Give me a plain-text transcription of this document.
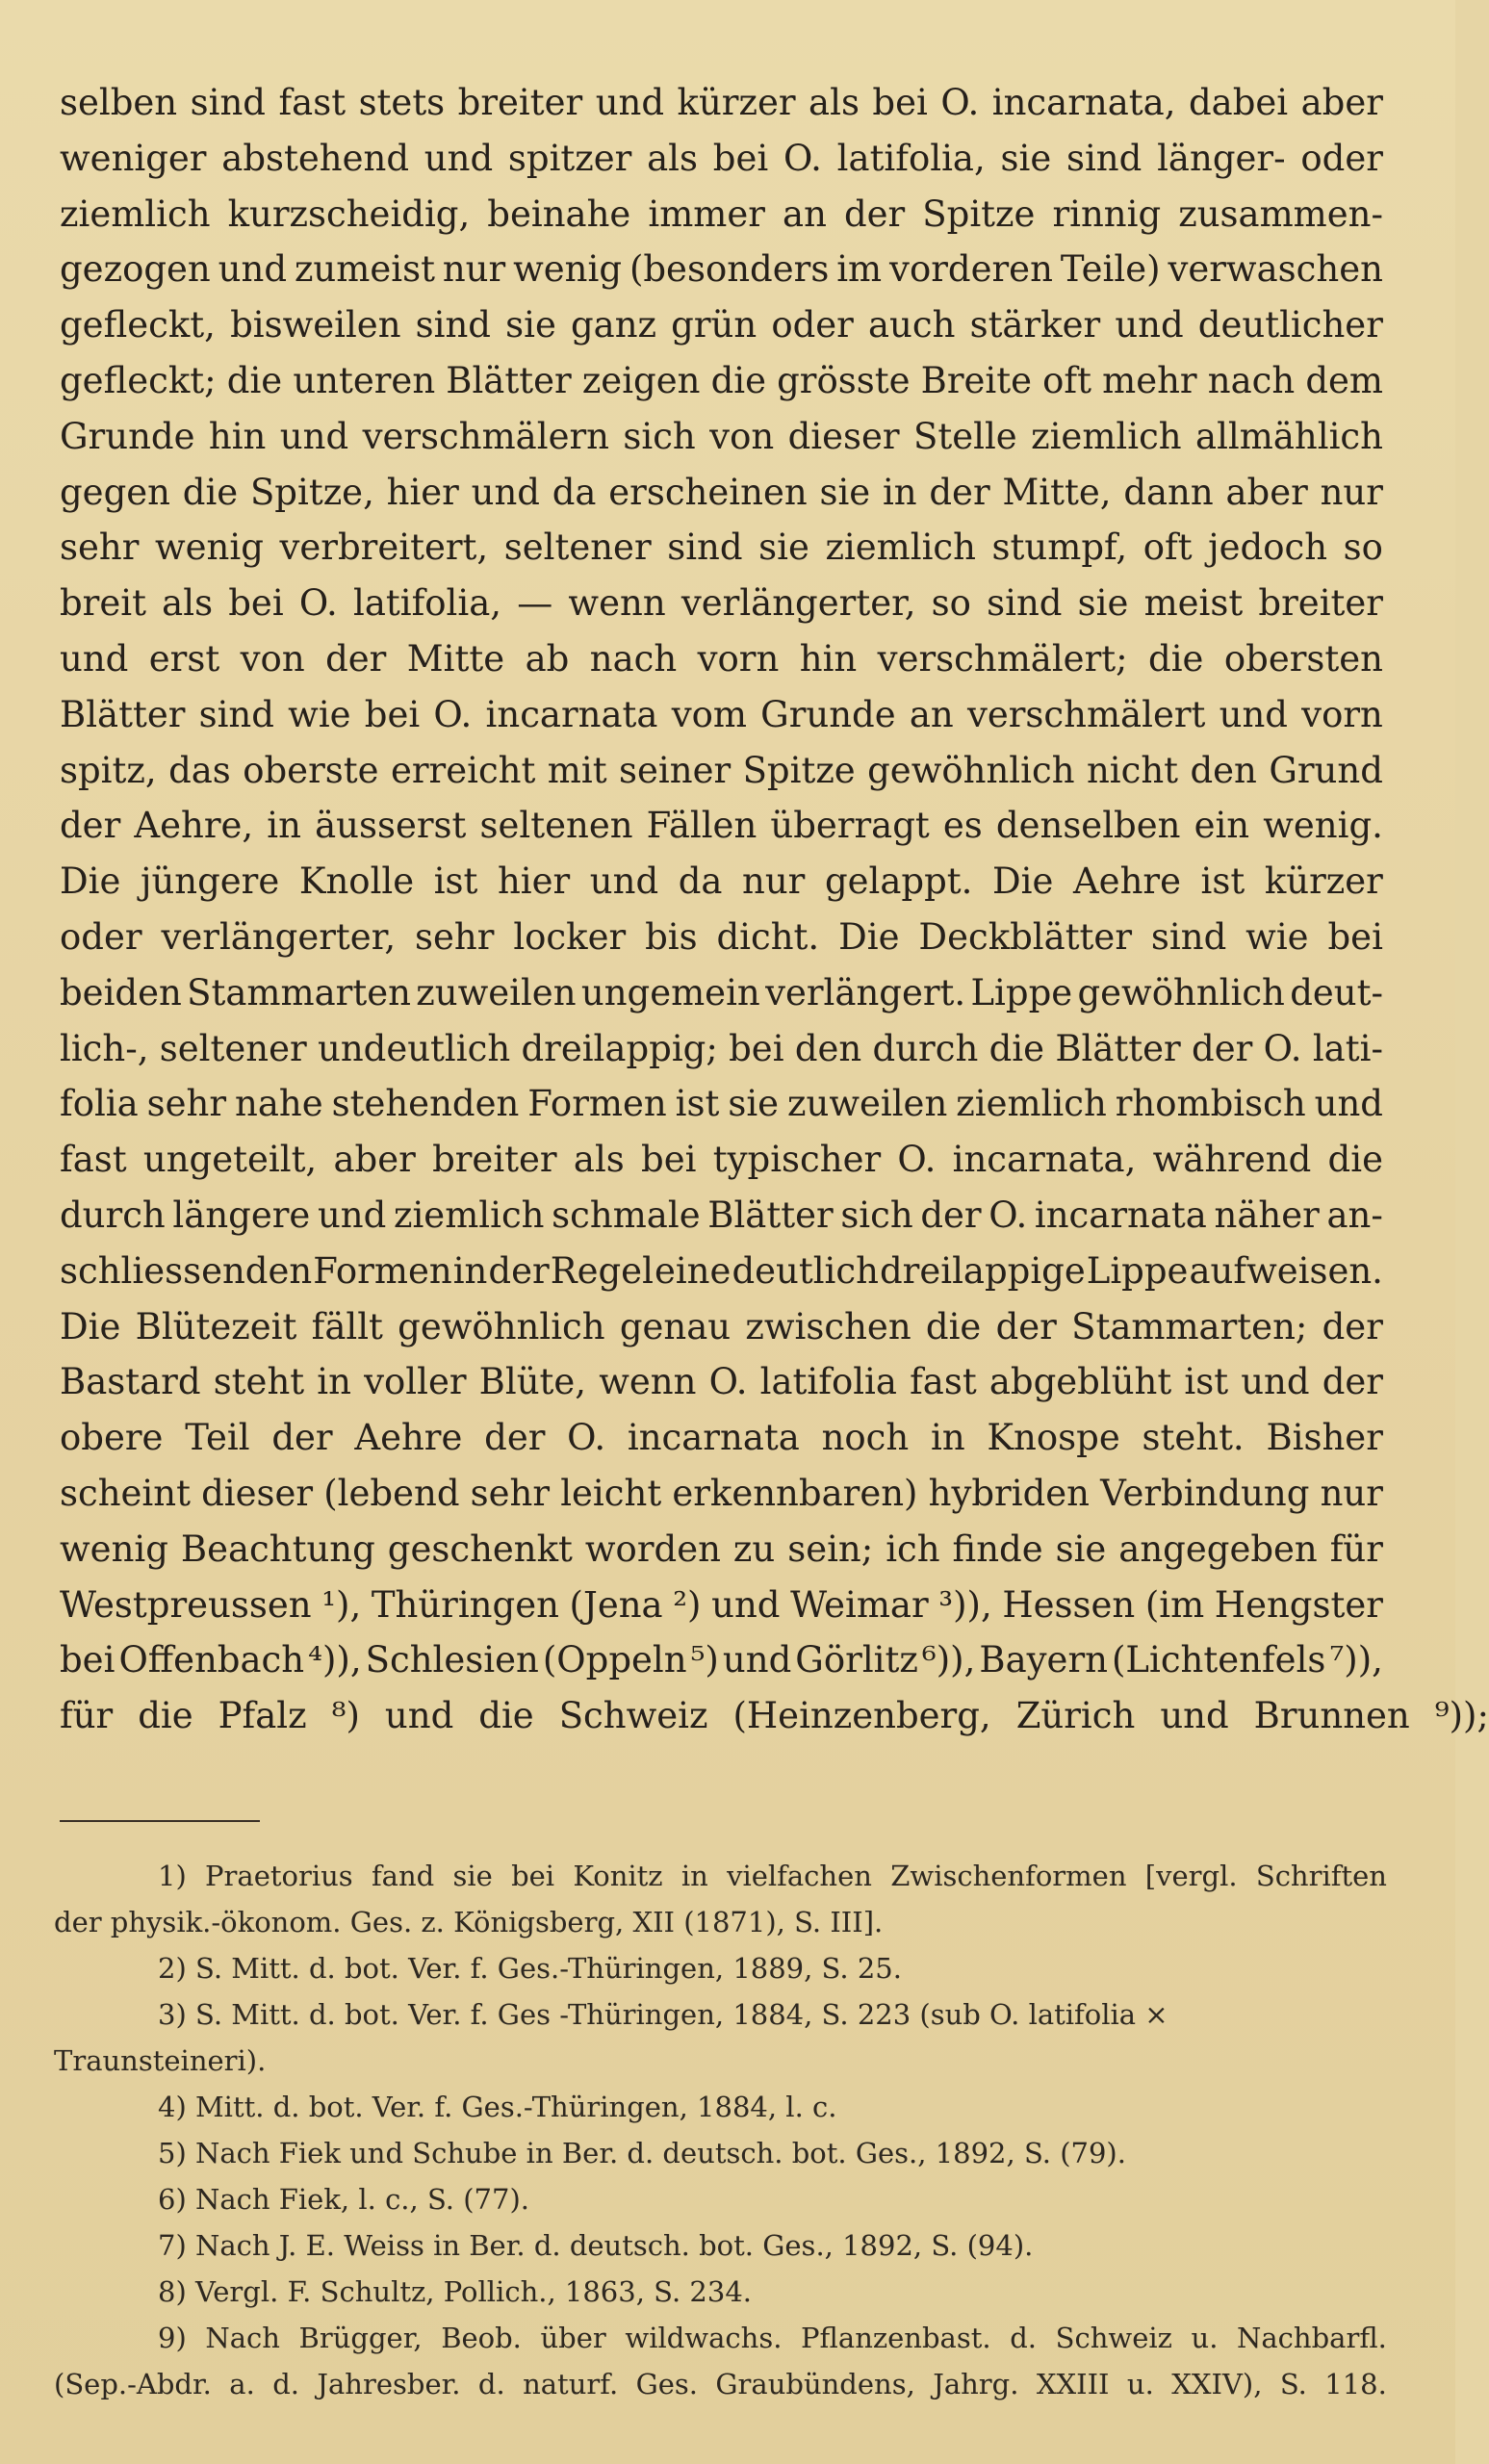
selben sind fast stets breiter und kürzer als bei O. incarnata, dabei aber
weniger abstehend und spitzer als bei O. latifolia, sie sind länger- oder
ziemlich kurzscheidig, beinahe immer an der Spitze rinnig zusammen-
gezogen und zumeist nur wenig (besonders im vorderen Teile) verwaschen
gefleckt, bisweilen sind sie ganz grün oder auch stärker und deutlicher
gefleckt; die unteren Blätter zeigen die grösste Breite oft mehr nach dem
Grunde hin und verschmälern sich von dieser Stelle ziemlich allmählich
gegen die Spitze, hier und da erscheinen sie in der Mitte, dann aber nur
sehr wenig verbreitert, seltener sind sie ziemlich stumpf, oft jedoch so
breit als bei O. latifolia, — wenn verlängerter, so sind sie meist breiter
und erst von der Mitte ab nach vorn hin verschmälert; die obersten
Blätter sind wie bei O. incarnata vom Grunde an verschmälert und vorn
spitz, das oberste erreicht mit seiner Spitze gewöhnlich nicht den Grund
der Aehre, in äusserst seltenen Fällen überragt es denselben ein wenig.
Die jüngere Knolle ist hier und da nur gelappt. Die Aehre ist kürzer
oder verlängerter, sehr locker bis dicht. Die Deckblätter sind wie bei
beiden Stammarten zuweilen ungemein verlängert. Lippe gewöhnlich deut-
lich-, seltener undeutlich dreilappig; bei den durch die Blätter der O. lati-
folia sehr nahe stehenden Formen ist sie zuweilen ziemlich rhombisch und
fast ungeteilt, aber breiter als bei typischer O. incarnata, während die
durch längere und ziemlich schmale Blätter sich der O. incarnata näher an-
schliessenden Formen in der Regel eine deutlich dreilappige Lippe aufweisen.
Die Blütezeit fällt gewöhnlich genau zwischen die der Stammarten; der
Bastard steht in voller Blüte, wenn O. latifolia fast abgeblüht ist und der
obere Teil der Aehre der O. incarnata noch in Knospe steht. Bisher
scheint dieser (lebend sehr leicht erkennbaren) hybriden Verbindung nur
wenig Beachtung geschenkt worden zu sein; ich finde sie angegeben für
Westpreussen ¹), Thüringen (Jena ²) und Weimar ³)), Hessen (im Hengster
bei Offenbach ⁴)), Schlesien (Oppeln ⁵) und Görlitz ⁶)), Bayern (Lichtenfels ⁷)),
für die Pfalz ⁸) und die Schweiz (Heinzenberg, Zürich und Brunnen ⁹));
1) Praetorius fand sie bei Konitz in vielfachen Zwischenformen [vergl. Schriften
der physik.-ökonom. Ges. z. Königsberg, XII (1871), S. III].
2) S. Mitt. d. bot. Ver. f. Ges.-Thüringen, 1889, S. 25.
3) S. Mitt. d. bot. Ver. f. Ges -Thüringen, 1884, S. 223 (sub O. latifolia ×
Traunsteineri).
4) Mitt. d. bot. Ver. f. Ges.-Thüringen, 1884, l. c.
5) Nach Fiek und Schube in Ber. d. deutsch. bot. Ges., 1892, S. (79).
6) Nach Fiek, l. c., S. (77).
7) Nach J. E. Weiss in Ber. d. deutsch. bot. Ges., 1892, S. (94).
8) Vergl. F. Schultz, Pollich., 1863, S. 234.
9) Nach Brügger, Beob. über wildwachs. Pflanzenbast. d. Schweiz u. Nachbarfl.
(Sep.-Abdr. a. d. Jahresber. d. naturf. Ges. Graubündens, Jahrg. XXIII u. XXIV), S. 118.
